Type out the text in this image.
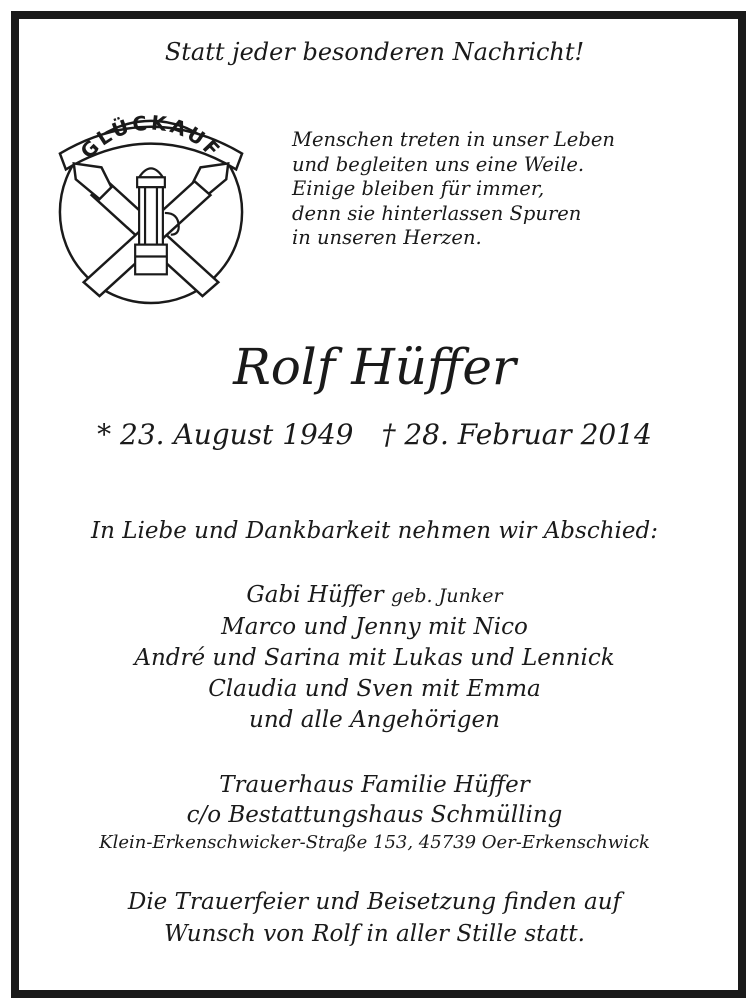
Statt jeder besonderen Nachricht!
GLÜCKAUF	Menschen treten in unser Leben
und begleiten uns eine Weile.
Einige bleiben für immer,
denn sie hinterlassen Spuren
in unseren Herzen.
Rolf Hüffer
* 23. August 1949 † 28. Februar 2014
In Liebe und Dankbarkeit nehmen wir Abschied:
Gabi Hüffer geb. Junker
Marco und Jenny mit Nico
André und Sarina mit Lukas und Lennick
Claudia und Sven mit Emma
und alle Angehörigen
Trauerhaus Familie Hüffer
c/o Bestattungshaus Schmülling
Klein-Erkenschwicker-Straße 153, 45739 Oer-Erkenschwick
Die Trauerfeier und Beisetzung finden auf
Wunsch von Rolf in aller Stille statt.
